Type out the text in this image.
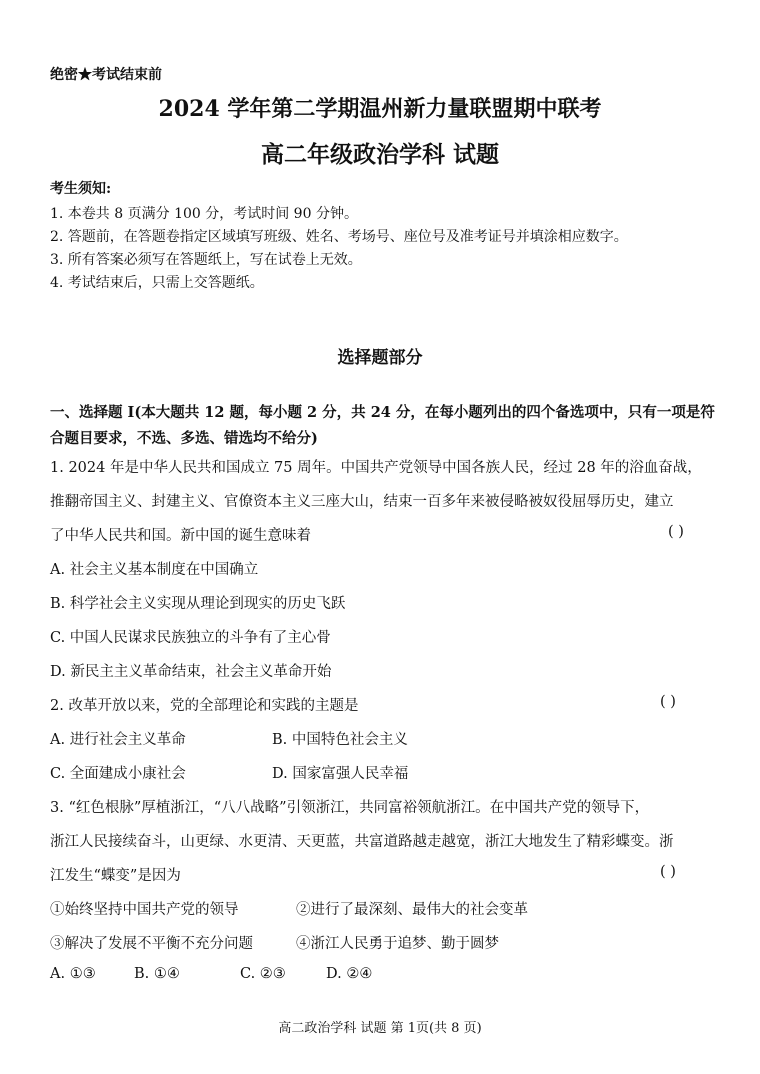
绝密★考试结束前
2024 学年第二学期温州新力量联盟期中联考
高二年级政治学科 试题
考生须知:
1. 本卷共 8 页满分 100 分，考试时间 90 分钟。
2. 答题前，在答题卷指定区域填写班级、姓名、考场号、座位号及准考证号并填涂相应数字。
3. 所有答案必须写在答题纸上，写在试卷上无效。
4. 考试结束后，只需上交答题纸。
选择题部分
一、选择题 I(本大题共 12 题，每小题 2 分，共 24 分，在每小题列出的四个备选项中，只有一项是符合题目要求，不选、多选、错选均不给分)
1. 2024 年是中华人民共和国成立 75 周年。中国共产党领导中国各族人民，经过 28 年的浴血奋战，
推翻帝国主义、封建主义、官僚资本主义三座大山，结束一百多年来被侵略被奴役屈辱历史，建立
了中华人民共和国。新中国的诞生意味着	( )
A. 社会主义基本制度在中国确立
B. 科学社会主义实现从理论到现实的历史飞跃
C. 中国人民谋求民族独立的斗争有了主心骨
D. 新民主主义革命结束，社会主义革命开始
2. 改革开放以来，党的全部理论和实践的主题是	( )
A. 进行社会主义革命	B. 中国特色社会主义
C. 全面建成小康社会	D. 国家富强人民幸福
3. “红色根脉”厚植浙江，“八八战略”引领浙江，共同富裕领航浙江。在中国共产党的领导下，
浙江人民接续奋斗，山更绿、水更清、天更蓝，共富道路越走越宽，浙江大地发生了精彩蝶变。浙
江发生“蝶变”是因为	( )
①始终坚持中国共产党的领导	②进行了最深刻、最伟大的社会变革
③解决了发展不平衡不充分问题	④浙江人民勇于追梦、勤于圆梦
A. ①③	B. ①④	C. ②③	D. ②④
高二政治学科 试题 第 1页(共 8 页)
